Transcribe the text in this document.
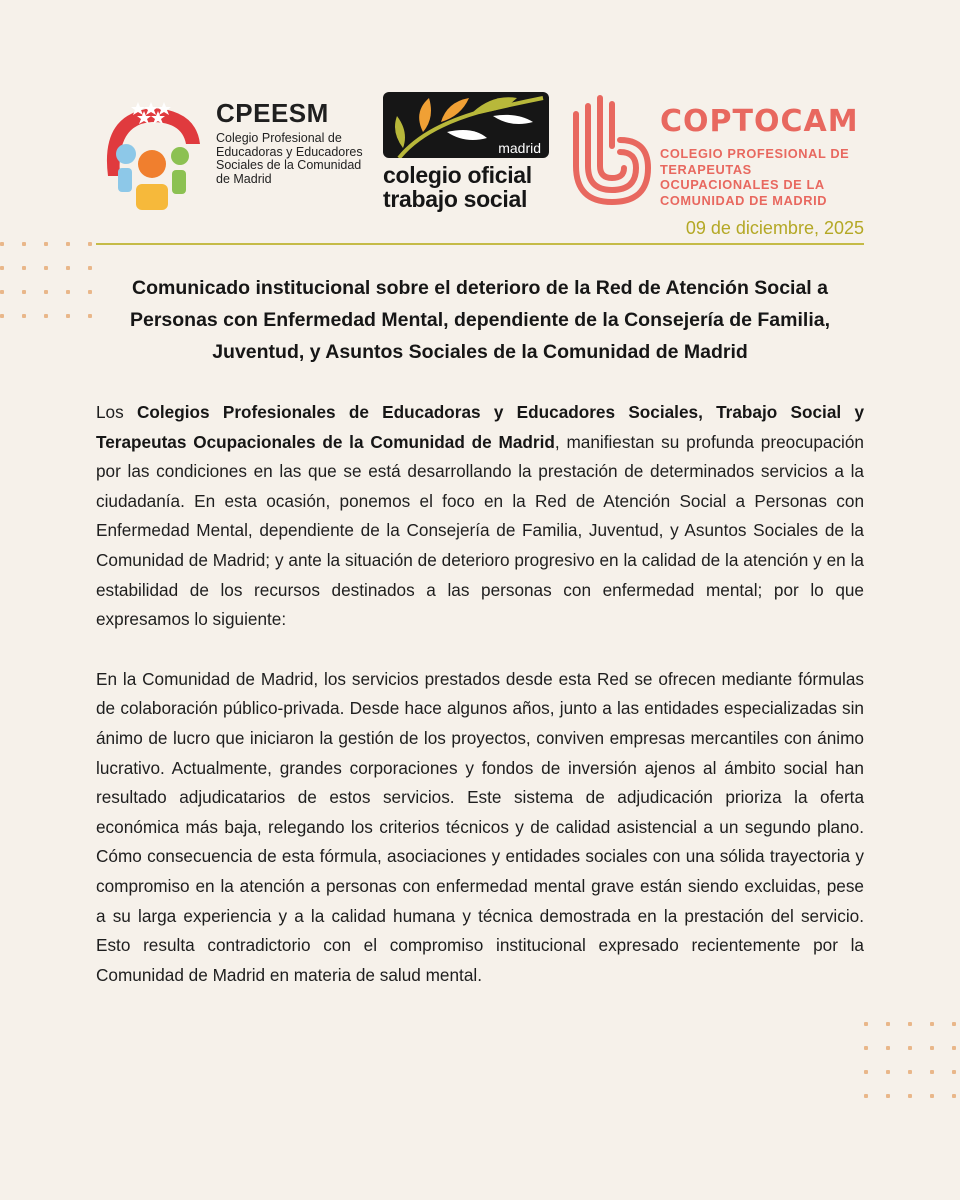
CPEESM
Colegio Profesional de Educadoras y Educadores Sociales de la Comunidad de Madrid
madrid
colegio oficial
trabajo social
COPTOCAM
COLEGIO PROFESIONAL DE TERAPEUTAS OCUPACIONALES DE LA COMUNIDAD DE MADRID
09 de diciembre, 2025
Comunicado institucional sobre el deterioro de la Red de Atención Social a Personas con Enfermedad Mental, dependiente de la Consejería de Familia, Juventud, y Asuntos Sociales de la Comunidad de Madrid

Los Colegios Profesionales de Educadoras y Educadores Sociales, Trabajo Social y Terapeutas Ocupacionales de la Comunidad de Madrid, manifiestan su profunda preocupación por las condiciones en las que se está desarrollando la prestación de determinados servicios a la ciudadanía. En esta ocasión, ponemos el foco en la Red de Atención Social a Personas con Enfermedad Mental, dependiente de la Consejería de Familia, Juventud, y Asuntos Sociales de la Comunidad de Madrid; y ante la situación de deterioro progresivo en la calidad de la atención y en la estabilidad de los recursos destinados a las personas con enfermedad mental; por lo que expresamos lo siguiente:

En la Comunidad de Madrid, los servicios prestados desde esta Red se ofrecen mediante fórmulas de colaboración público-privada. Desde hace algunos años, junto a las entidades especializadas sin ánimo de lucro que iniciaron la gestión de los proyectos, conviven empresas mercantiles con ánimo lucrativo. Actualmente, grandes corporaciones y fondos de inversión ajenos al ámbito social han resultado adjudicatarios de estos servicios. Este sistema de adjudicación prioriza la oferta económica más baja, relegando los criterios técnicos y de calidad asistencial a un segundo plano. Cómo consecuencia de esta fórmula, asociaciones y entidades sociales con una sólida trayectoria y compromiso en la atención a personas con enfermedad mental grave están siendo excluidas, pese a su larga experiencia y a la calidad humana y técnica demostrada en la prestación del servicio. Esto resulta contradictorio con el compromiso institucional expresado recientemente por la Comunidad de Madrid en materia de salud mental.
